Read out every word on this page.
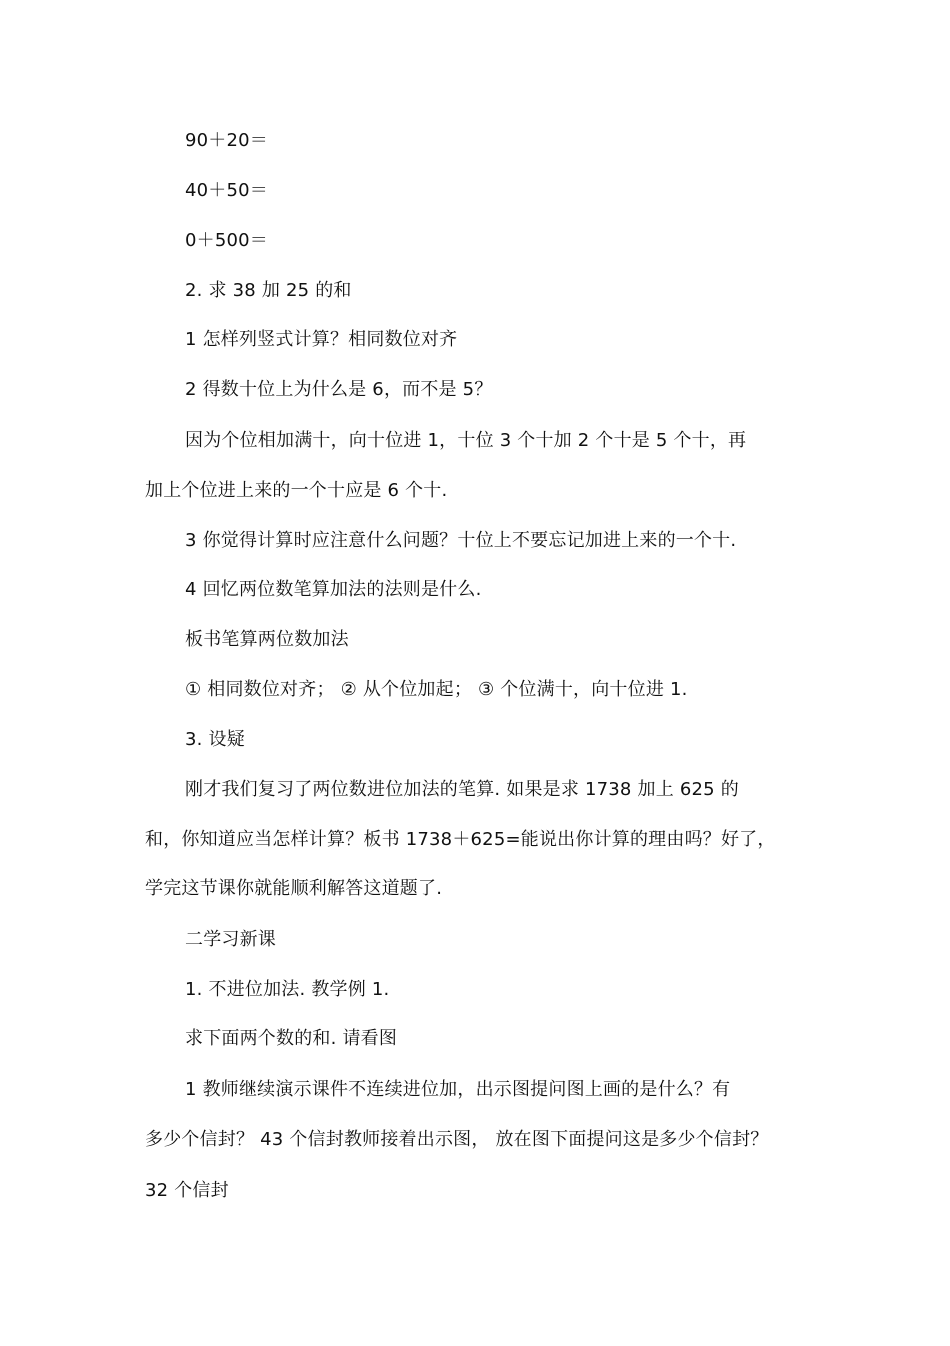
90＋20＝
40＋50＝
0＋500＝
2. 求 38 加 25 的和
1 怎样列竖式计算？相同数位对齐
2 得数十位上为什么是 6，而不是 5？
因为个位相加满十，向十位进 1，十位 3 个十加 2 个十是 5 个十，再
加上个位进上来的一个十应是 6 个十.
3 你觉得计算时应注意什么问题？十位上不要忘记加进上来的一个十.
4 回忆两位数笔算加法的法则是什么.
板书笔算两位数加法
① 相同数位对齐； ② 从个位加起； ③ 个位满十，向十位进 1.
3. 设疑
刚才我们复习了两位数进位加法的笔算. 如果是求 1738 加上 625 的
和，你知道应当怎样计算？板书 1738＋625=能说出你计算的理由吗？好了，
学完这节课你就能顺利解答这道题了.
二学习新课
1. 不进位加法. 教学例 1.
求下面两个数的和. 请看图
1 教师继续演示课件不连续进位加，出示图提问图上画的是什么？有
多少个信封？ 43 个信封教师接着出示图， 放在图下面提问这是多少个信封？
32 个信封
